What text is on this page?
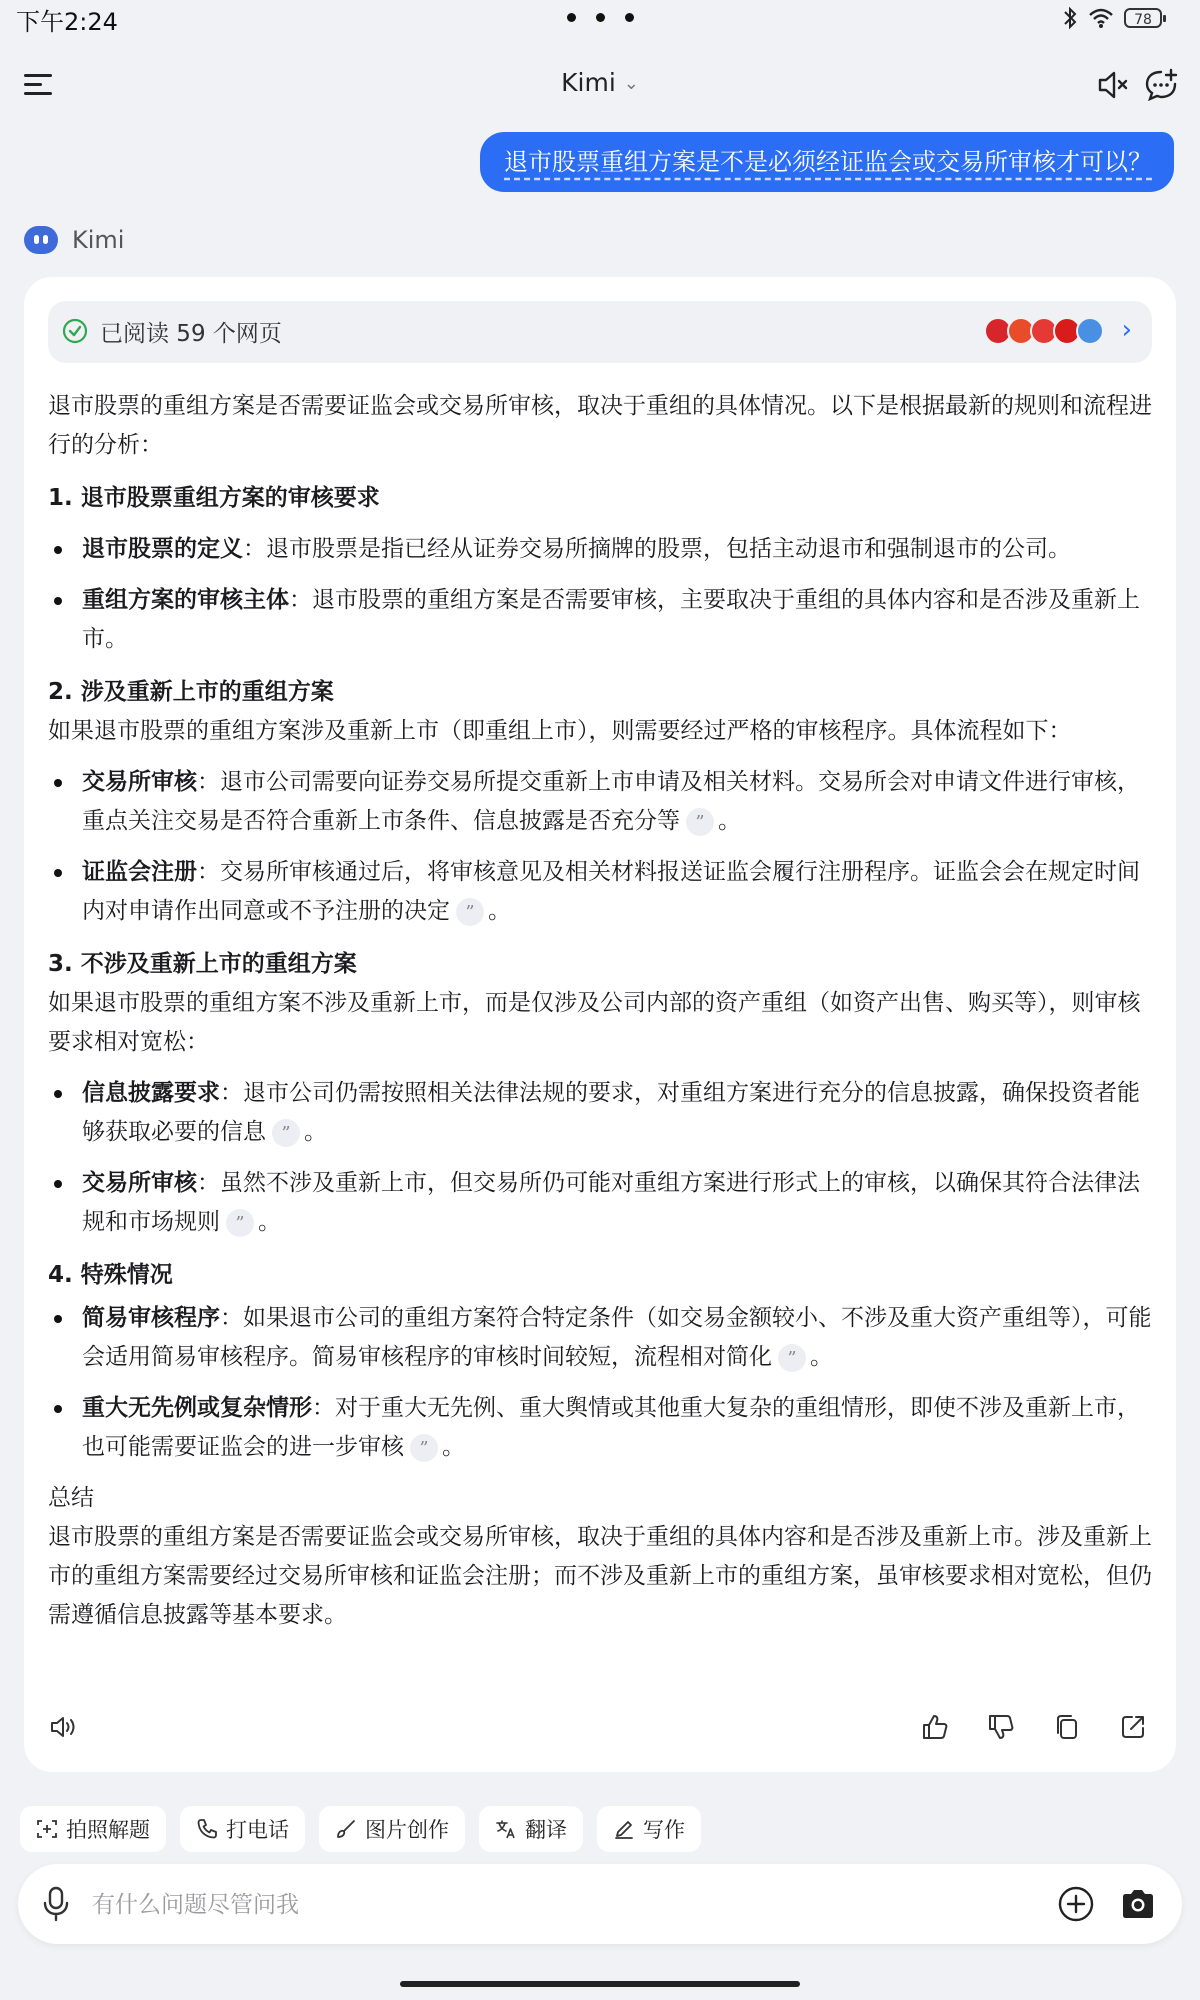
下午2:24	78
Kimi ⌄
退市股票重组方案是不是必须经证监会或交易所审核才可以？
Kimi
已阅读 59 个网页	›

退市股票的重组方案是否需要证监会或交易所审核，取决于重组的具体情况。以下是根据最新的规则和流程进行的分析：

1. 退市股票重组方案的审核要求
退市股票的定义：退市股票是指已经从证券交易所摘牌的股票，包括主动退市和强制退市的公司。
重组方案的审核主体：退市股票的重组方案是否需要审核，主要取决于重组的具体内容和是否涉及重新上市。
2. 涉及重新上市的重组方案

如果退市股票的重组方案涉及重新上市（即重组上市），则需要经过严格的审核程序。具体流程如下：

交易所审核：退市公司需要向证券交易所提交重新上市申请及相关材料。交易所会对申请文件进行审核，重点关注交易是否符合重新上市条件、信息披露是否充分等 ” 。
证监会注册：交易所审核通过后，将审核意见及相关材料报送证监会履行注册程序。证监会会在规定时间内对申请作出同意或不予注册的决定 ” 。
3. 不涉及重新上市的重组方案

如果退市股票的重组方案不涉及重新上市，而是仅涉及公司内部的资产重组（如资产出售、购买等），则审核要求相对宽松：

信息披露要求：退市公司仍需按照相关法律法规的要求，对重组方案进行充分的信息披露，确保投资者能够获取必要的信息 ” 。
交易所审核：虽然不涉及重新上市，但交易所仍可能对重组方案进行形式上的审核，以确保其符合法律法规和市场规则 ” 。
4. 特殊情况
简易审核程序：如果退市公司的重组方案符合特定条件（如交易金额较小、不涉及重大资产重组等），可能会适用简易审核程序。简易审核程序的审核时间较短，流程相对简化 ” 。
重大无先例或复杂情形：对于重大无先例、重大舆情或其他重大复杂的重组情形，即使不涉及重新上市，也可能需要证监会的进一步审核 ” 。

总结

退市股票的重组方案是否需要证监会或交易所审核，取决于重组的具体内容和是否涉及重新上市。涉及重新上市的重组方案需要经过交易所审核和证监会注册；而不涉及重新上市的重组方案，虽审核要求相对宽松，但仍需遵循信息披露等基本要求。

拍照解题	打电话	图片创作	翻译	写作
有什么问题尽管问我
